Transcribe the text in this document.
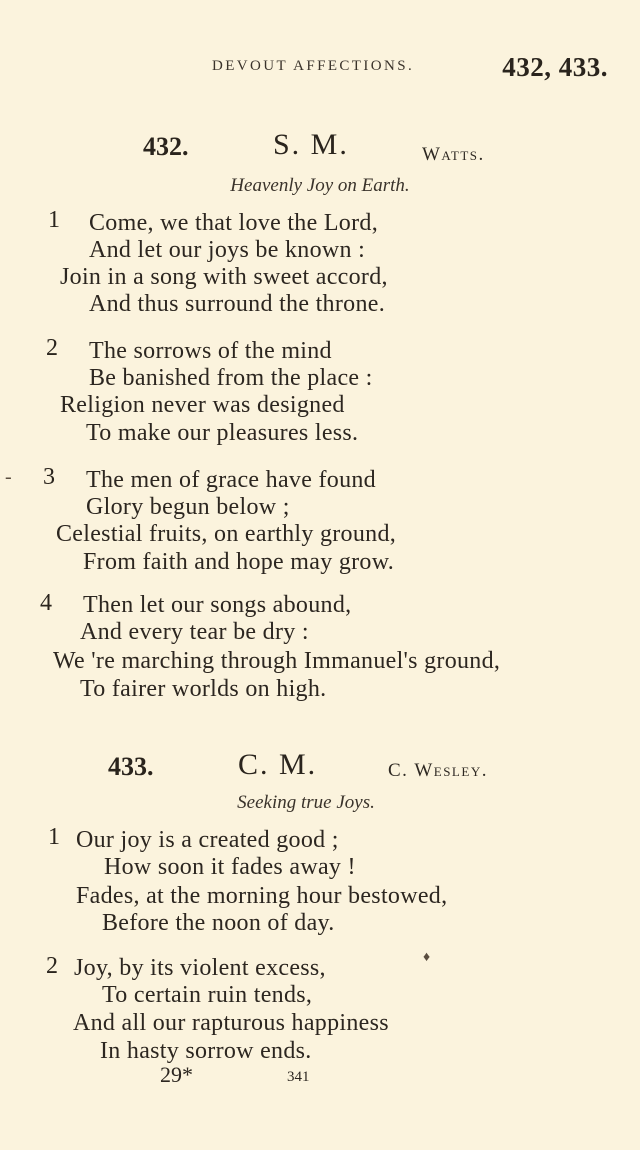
DEVOUT AFFECTIONS.	432, 433.
432.	S. M.	Watts.
Heavenly Joy on Earth.
1 Come, we that love the Lord,
And let our joys be known :
Join in a song with sweet accord,
And thus surround the throne.
2 The sorrows of the mind
Be banished from the place :
Religion never was designed
To make our pleasures less.
- 3 The men of grace have found
Glory begun below ;
Celestial fruits, on earthly ground,
From faith and hope may grow.
4 Then let our songs abound,
And every tear be dry :
We 're marching through Immanuel's ground,
To fairer worlds on high.
433.	C. M.	C. Wesley.
Seeking true Joys.
1 Our joy is a created good ;
How soon it fades away !
Fades, at the morning hour bestowed,
Before the noon of day.
2 Joy, by its violent excess,
To certain ruin tends,
And all our rapturous happiness
In hasty sorrow ends.
♦
29*	341
